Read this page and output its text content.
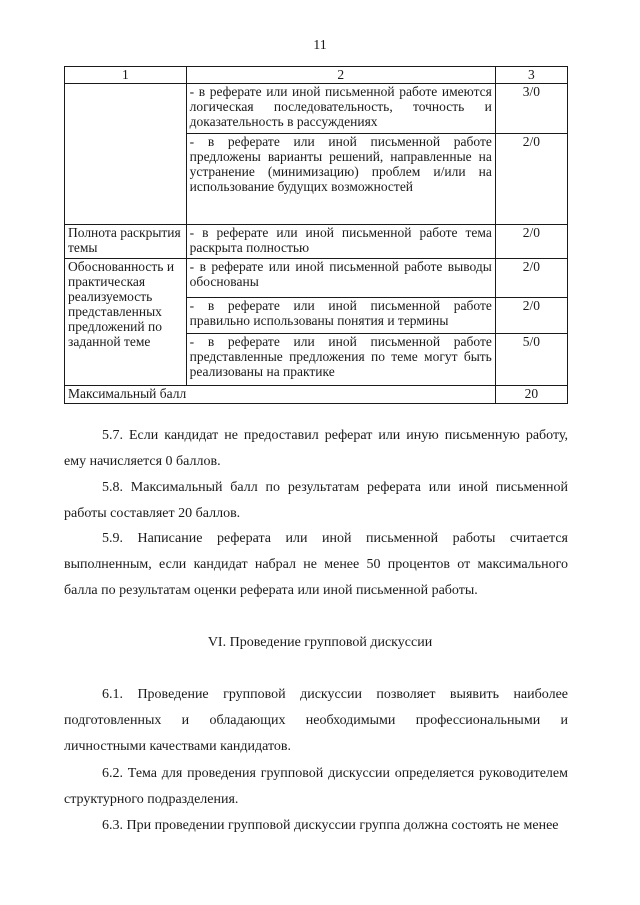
11
1	2	3
	- в реферате или иной письменной работе имеются логическая последовательность, точность и доказательность в рассуждениях	3/0
	- в реферате или иной письменной работе предложены варианты решений, направленные на устранение (минимизацию) проблем и/или на использование будущих возможностей	2/0
Полнота раскрытия темы	- в реферате или иной письменной работе тема раскрыта полностью	2/0
Обоснованность и практическая реализуемость представленных предложений по заданной теме	- в реферате или иной письменной работе выводы обоснованы	2/0
	- в реферате или иной письменной работе правильно использованы понятия и термины	2/0
	- в реферате или иной письменной работе представленные предложения по теме могут быть реализованы на практике	5/0
Максимальный балл		20

5.7. Если кандидат не предоставил реферат или иную письменную работу, ему начисляется 0 баллов.

5.8. Максимальный балл по результатам реферата или иной письменной работы составляет 20 баллов.

5.9. Написание реферата или иной письменной работы считается выполненным, если кандидат набрал не менее 50 процентов от максимального балла по результатам оценки реферата или иной письменной работы.

VI. Проведение групповой дискуссии

6.1. Проведение групповой дискуссии позволяет выявить наиболее подготовленных и обладающих необходимыми профессиональными и личностными качествами кандидатов.

6.2. Тема для проведения групповой дискуссии определяется руководителем структурного подразделения.

6.3. При проведении групповой дискуссии группа должна состоять не менее
